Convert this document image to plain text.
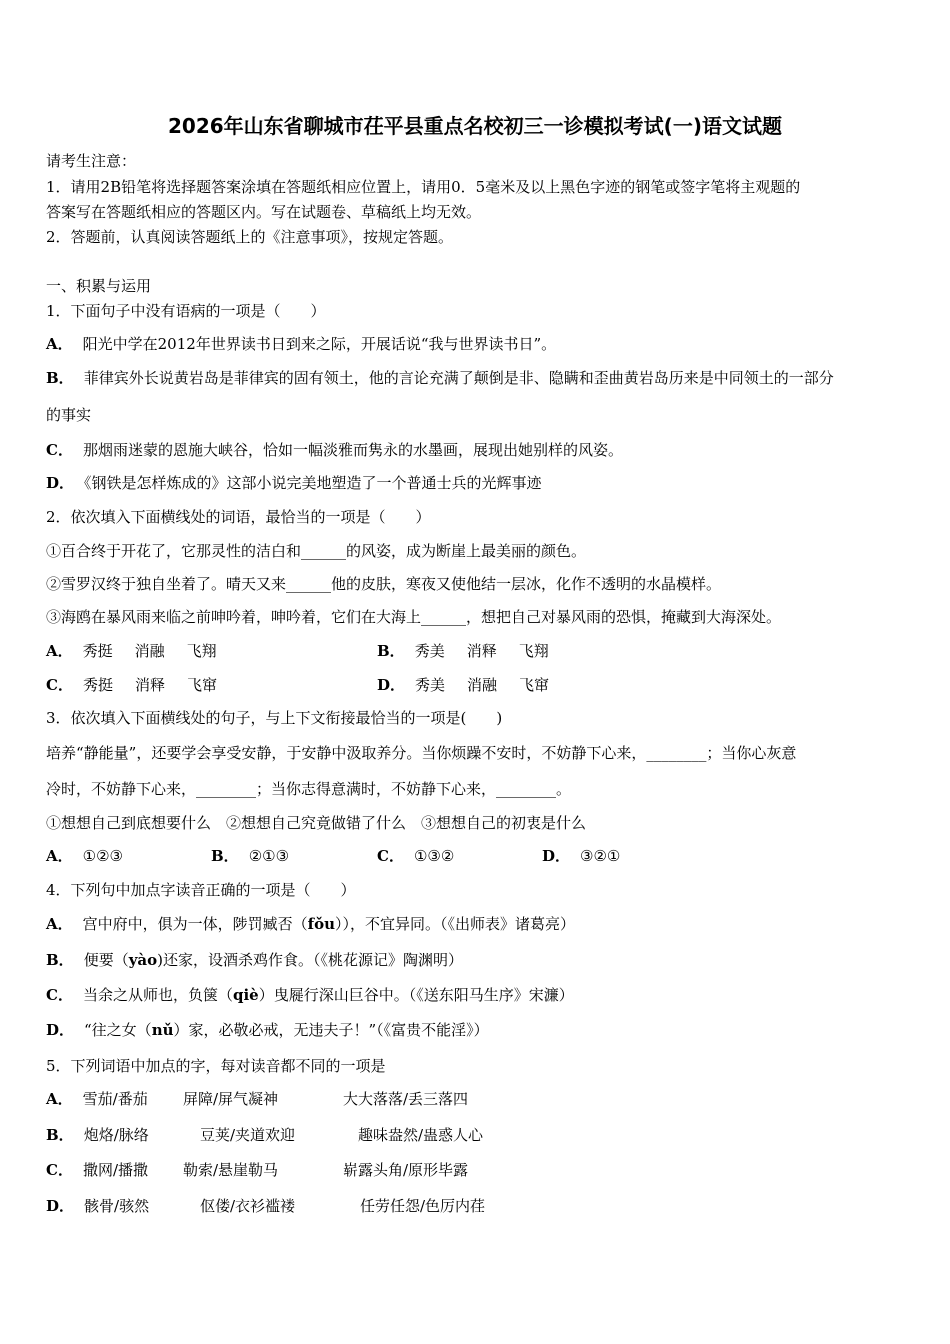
2026年山东省聊城市茌平县重点名校初三一诊模拟考试(一)语文试题
请考生注意：
1．请用2B铅笔将选择题答案涂填在答题纸相应位置上，请用0．5毫米及以上黑色字迹的钢笔或签字笔将主观题的
答案写在答题纸相应的答题区内。写在试题卷、草稿纸上均无效。
2．答题前，认真阅读答题纸上的《注意事项》，按规定答题。
一、积累与运用
1．下面句子中没有语病的一项是（　　）
A． 阳光中学在2012年世界读书日到来之际，开展话说“我与世界读书日”。
B． 菲律宾外长说黄岩岛是菲律宾的固有领土，他的言论充满了颠倒是非、隐瞒和歪曲黄岩岛历来是中同领土的一部分
的事实
C． 那烟雨迷蒙的恩施大峡谷，恰如一幅淡雅而隽永的水墨画，展现出她别样的风姿。
D． 《钢铁是怎样炼成的》这部小说完美地塑造了一个普通士兵的光辉事迹
2．依次填入下面横线处的词语，最恰当的一项是（　　）
①百合终于开花了，它那灵性的洁白和______的风姿，成为断崖上最美丽的颜色。
②雪罗汉终于独自坐着了。晴天又来______他的皮肤，寒夜又使他结一层冰，化作不透明的水晶模样。
③海鸥在暴风雨来临之前呻吟着，呻吟着，它们在大海上______，想把自己对暴风雨的恐惧，掩藏到大海深处。
A． 秀挺 消融 飞翔	B． 秀美 消释 飞翔
C． 秀挺 消释 飞窜	D． 秀美 消融 飞窜
3．依次填入下面横线处的句子，与上下文衔接最恰当的一项是(　　)
培养“静能量”，还要学会享受安静，于安静中汲取养分。当你烦躁不安时，不妨静下心来，________；当你心灰意
冷时，不妨静下心来，________；当你志得意满时，不妨静下心来，________。
①想想自己到底想要什么　②想想自己究竟做错了什么　③想想自己的初衷是什么
A． ①②③	B． ②①③	C． ①③②	D． ③②①
4．下列句中加点字读音正确的一项是（　　）
A． 宫中府中，俱为一体，陟罚臧否（fǒu）），不宜异同。（《出师表》诸葛亮）
B． 便要（yào)还家，设酒杀鸡作食。（《桃花源记》陶渊明）
C． 当余之从师也，负箧（qiè）曳屣行深山巨谷中。（《送东阳马生序》宋濂）
D． “往之女（nǔ）家，必敬必戒，无违夫子！”（《富贵不能淫》）
5．下列词语中加点的字，每对读音都不同的一项是
A． 雪茄/番茄 屏障/屏气凝神	大大落落/丢三落四
B． 炮烙/脉络	豆荚/夹道欢迎	趣味盎然/蛊惑人心
C． 撒网/播撒 勒索/悬崖勒马	崭露头角/原形毕露
D． 骸骨/骇然	伛偻/衣衫褴褛	任劳任怨/色厉内荏
